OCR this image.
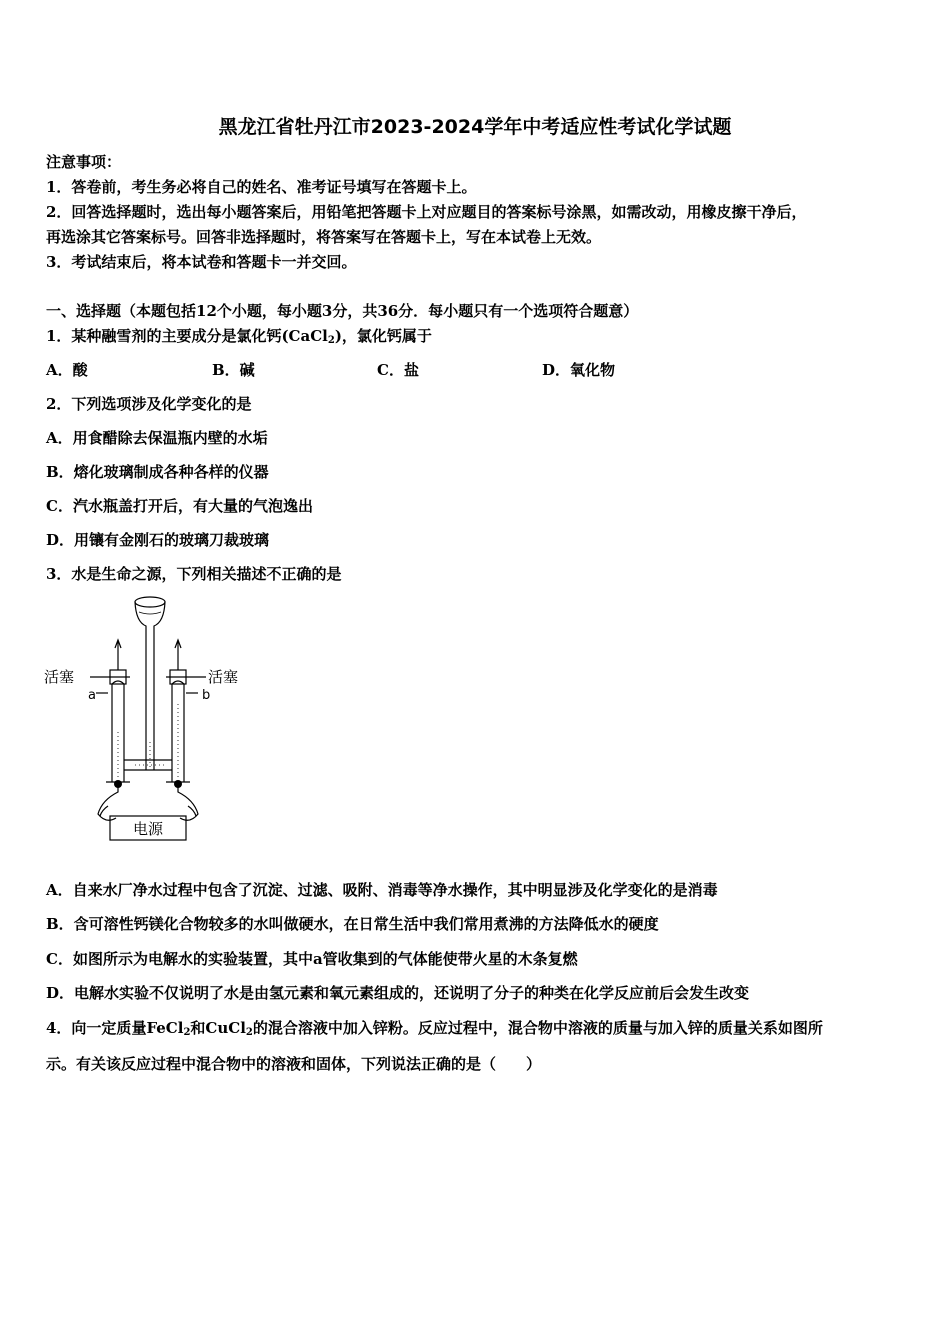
黑龙江省牡丹江市2023-2024学年中考适应性考试化学试题
注意事项：
1．答卷前，考生务必将自己的姓名、准考证号填写在答题卡上。
2．回答选择题时，选出每小题答案后，用铅笔把答题卡上对应题目的答案标号涂黑，如需改动，用橡皮擦干净后，
再选涂其它答案标号。回答非选择题时，将答案写在答题卡上，写在本试卷上无效。
3．考试结束后，将本试卷和答题卡一并交回。
一、选择题（本题包括12个小题，每小题3分，共36分．每小题只有一个选项符合题意）
1．某种融雪剂的主要成分是氯化钙(CaCl$_2$)，氯化钙属于
A．酸	B．碱	C．盐	D．氧化物
2．下列选项涉及化学变化的是
A．用食醋除去保温瓶内壁的水垢
B．熔化玻璃制成各种各样的仪器
C．汽水瓶盖打开后，有大量的气泡逸出
D．用镶有金刚石的玻璃刀裁玻璃
3．水是生命之源，下列相关描述不正确的是
活塞	活塞
a	b
电源
A．自来水厂净水过程中包含了沉淀、过滤、吸附、消毒等净水操作，其中明显涉及化学变化的是消毒
B．含可溶性钙镁化合物较多的水叫做硬水，在日常生活中我们常用煮沸的方法降低水的硬度
C．如图所示为电解水的实验装置，其中a管收集到的气体能使带火星的木条复燃
D．电解水实验不仅说明了水是由氢元素和氧元素组成的，还说明了分子的种类在化学反应前后会发生改变
4．向一定质量FeCl$_2$和CuCl$_2$的混合溶液中加入锌粉。反应过程中，混合物中溶液的质量与加入锌的质量关系如图所
示。有关该反应过程中混合物中的溶液和固体，下列说法正确的是（　　）
